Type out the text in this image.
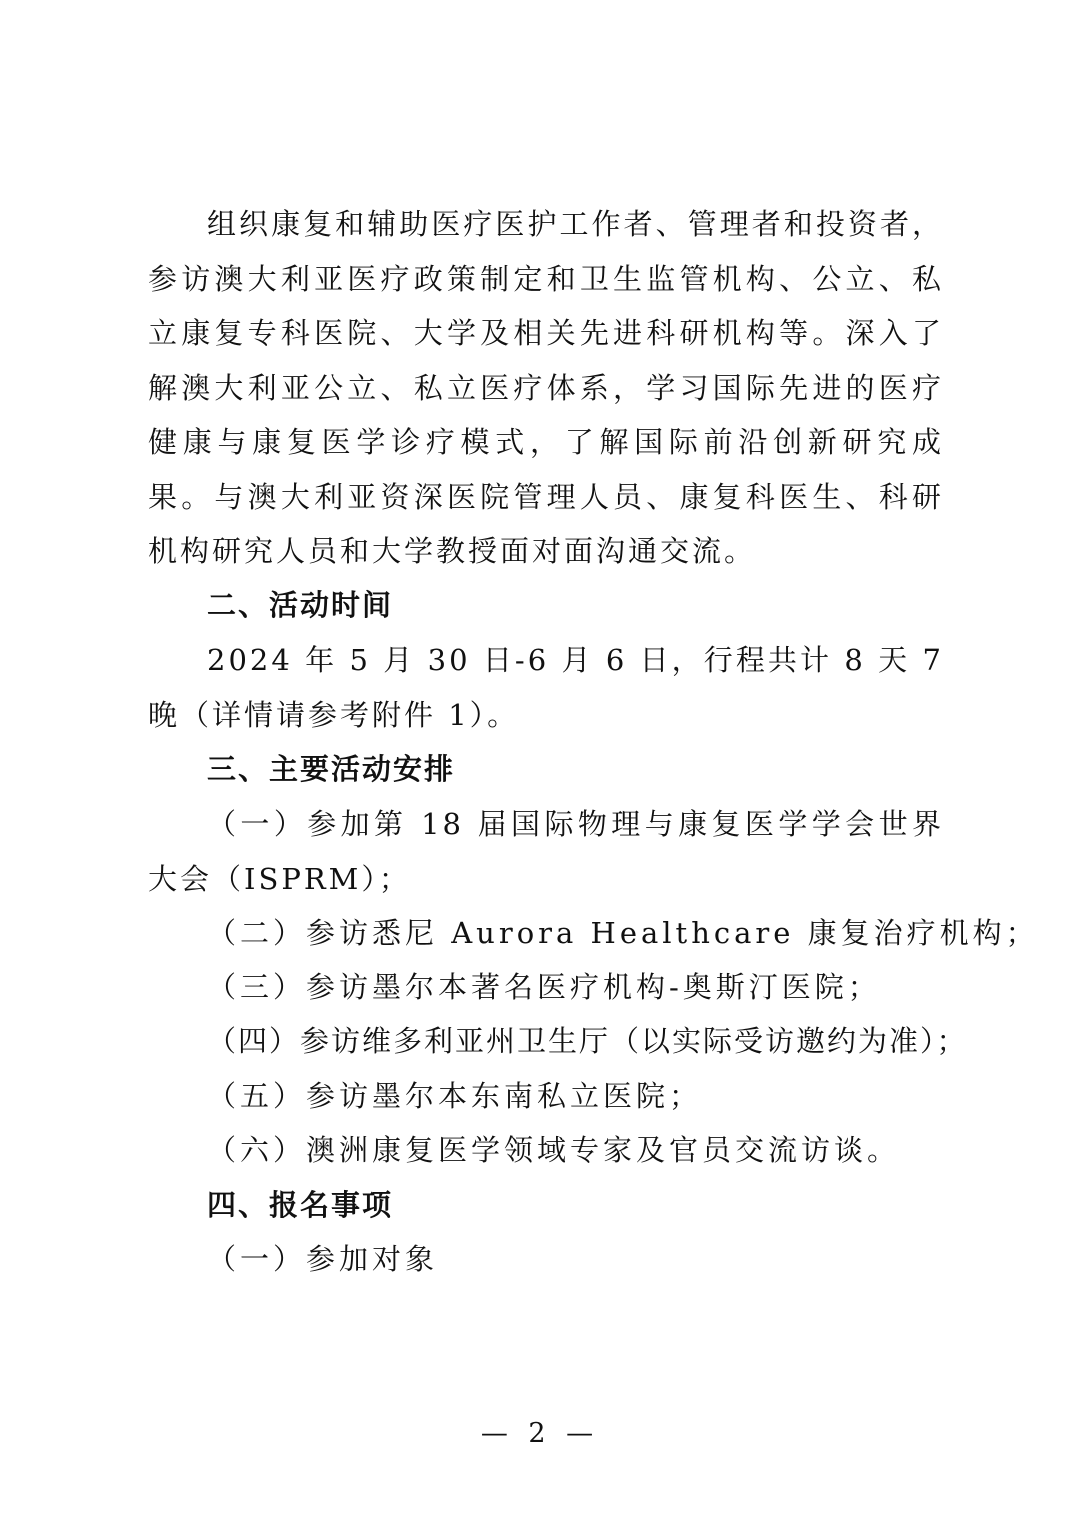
组织康复和辅助医疗医护工作者、管理者和投资者，参访澳大利亚医疗政策制定和卫生监管机构、公立、私立康复专科医院、大学及相关先进科研机构等。深入了解澳大利亚公立、私立医疗体系，学习国际先进的医疗健康与康复医学诊疗模式，了解国际前沿创新研究成果。与澳大利亚资深医院管理人员、康复科医生、科研机构研究人员和大学教授面对面沟通交流。

二、活动时间

2024 年 5 月 30 日-6 月 6 日，行程共计 8 天 7 晚（详情请参考附件 1）。

三、主要活动安排

（一）参加第 18 届国际物理与康复医学学会世界大会（ISPRM）；

（二）参访悉尼 Aurora Healthcare 康复治疗机构；

（三）参访墨尔本著名医疗机构-奥斯汀医院；

（四）参访维多利亚州卫生厅（以实际受访邀约为准）；

（五）参访墨尔本东南私立医院；

（六）澳洲康复医学领域专家及官员交流访谈。

四、报名事项

（一）参加对象

— 2 —
